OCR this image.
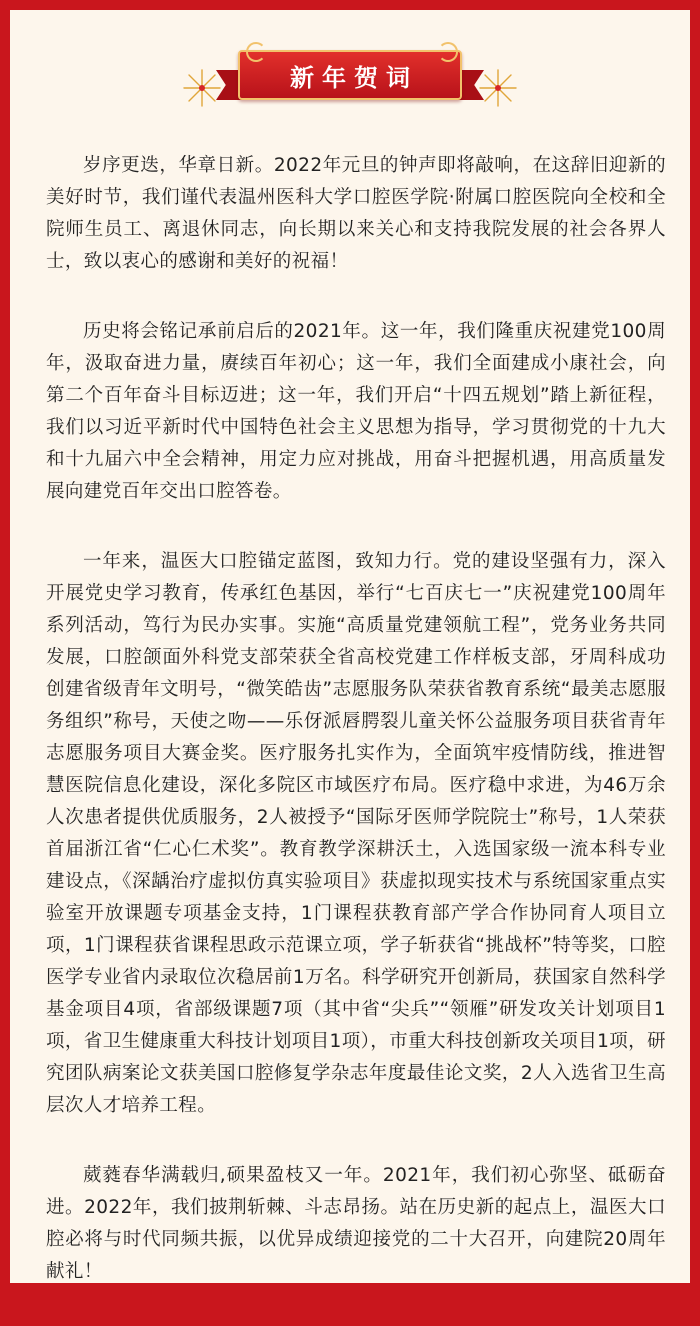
新年贺词

岁序更迭，华章日新。2022年元旦的钟声即将敲响，在这辞旧迎新的美好时节，我们谨代表温州医科大学口腔医学院·附属口腔医院向全校和全院师生员工、离退休同志，向长期以来关心和支持我院发展的社会各界人士，致以衷心的感谢和美好的祝福！

历史将会铭记承前启后的2021年。这一年，我们隆重庆祝建党100周年，汲取奋进力量，赓续百年初心；这一年，我们全面建成小康社会，向第二个百年奋斗目标迈进；这一年，我们开启“十四五规划”踏上新征程，我们以习近平新时代中国特色社会主义思想为指导，学习贯彻党的十九大和十九届六中全会精神，用定力应对挑战，用奋斗把握机遇，用高质量发展向建党百年交出口腔答卷。

一年来，温医大口腔锚定蓝图，致知力行。党的建设坚强有力，深入开展党史学习教育，传承红色基因，举行“七百庆七一”庆祝建党100周年系列活动，笃行为民办实事。实施“高质量党建领航工程”，党务业务共同发展，口腔颌面外科党支部荣获全省高校党建工作样板支部，牙周科成功创建省级青年文明号，“微笑皓齿”志愿服务队荣获省教育系统“最美志愿服务组织”称号，天使之吻——乐伢派唇腭裂儿童关怀公益服务项目获省青年志愿服务项目大赛金奖。医疗服务扎实作为，全面筑牢疫情防线，推进智慧医院信息化建设，深化多院区市域医疗布局。医疗稳中求进，为46万余人次患者提供优质服务，2人被授予“国际牙医师学院院士”称号，1人荣获首届浙江省“仁心仁术奖”。教育教学深耕沃土，入选国家级一流本科专业建设点，《深龋治疗虚拟仿真实验项目》获虚拟现实技术与系统国家重点实验室开放课题专项基金支持，1门课程获教育部产学合作协同育人项目立项，1门课程获省课程思政示范课立项，学子斩获省“挑战杯”特等奖，口腔医学专业省内录取位次稳居前1万名。科学研究开创新局，获国家自然科学基金项目4项，省部级课题7项（其中省“尖兵”“领雁”研发攻关计划项目1项，省卫生健康重大科技计划项目1项），市重大科技创新攻关项目1项，研究团队病案论文获美国口腔修复学杂志年度最佳论文奖，2人入选省卫生高层次人才培养工程。

葳蕤春华满载归,硕果盈枝又一年。2021年，我们初心弥坚、砥砺奋进。2022年，我们披荆斩棘、斗志昂扬。站在历史新的起点上，温医大口腔必将与时代同频共振，以优异成绩迎接党的二十大召开，向建院20周年献礼！
